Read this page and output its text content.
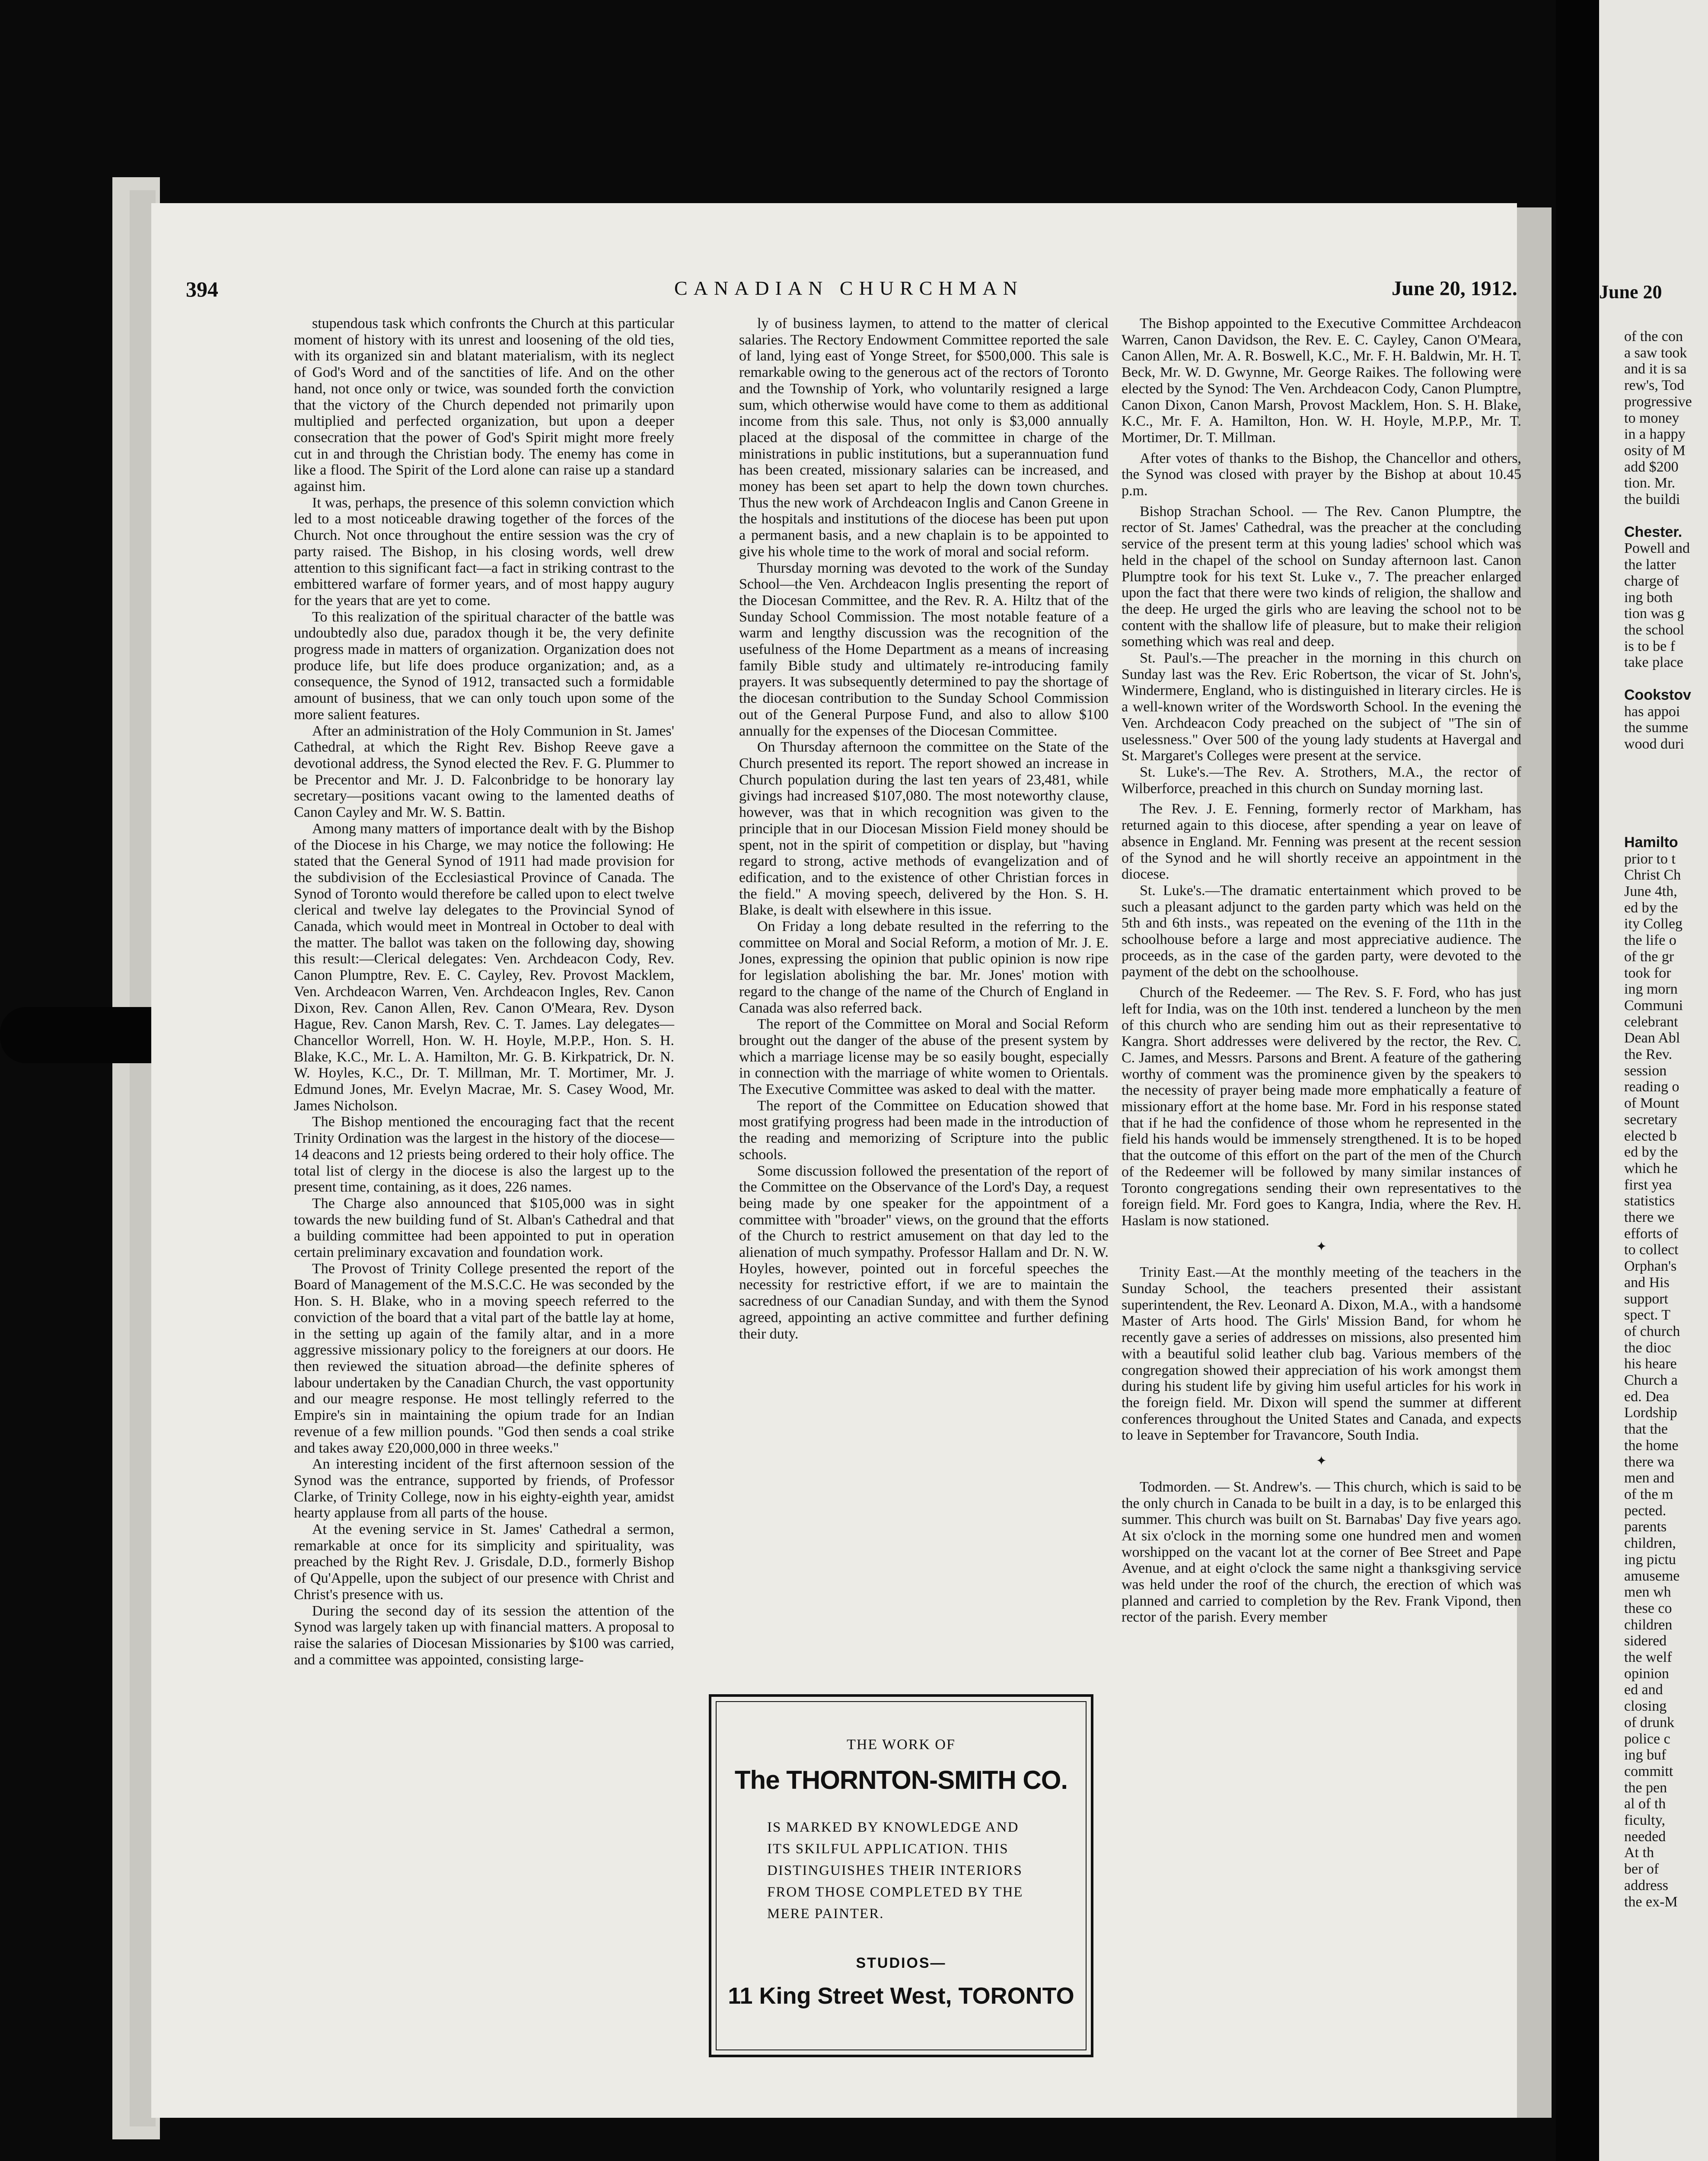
394	CANADIAN CHURCHMAN	June 20, 1912.	June 20

stupendous task which confronts the Church at this particular moment of history with its unrest and loosening of the old ties, with its organized sin and blatant materialism, with its neglect of God's Word and of the sanctities of life. And on the other hand, not once only or twice, was sounded forth the conviction that the victory of the Church depended not primarily upon multiplied and perfected organization, but upon a deeper consecration that the power of God's Spirit might more freely cut in and through the Christian body. The enemy has come in like a flood. The Spirit of the Lord alone can raise up a standard against him.

It was, perhaps, the presence of this solemn conviction which led to a most noticeable drawing together of the forces of the Church. Not once throughout the entire session was the cry of party raised. The Bishop, in his closing words, well drew attention to this significant fact—a fact in striking contrast to the embittered warfare of former years, and of most happy augury for the years that are yet to come.

To this realization of the spiritual character of the battle was undoubtedly also due, paradox though it be, the very definite progress made in matters of organization. Organization does not produce life, but life does produce organization; and, as a consequence, the Synod of 1912, transacted such a formidable amount of business, that we can only touch upon some of the more salient features.

After an administration of the Holy Communion in St. James' Cathedral, at which the Right Rev. Bishop Reeve gave a devotional address, the Synod elected the Rev. F. G. Plummer to be Precentor and Mr. J. D. Falconbridge to be honorary lay secretary—positions vacant owing to the lamented deaths of Canon Cayley and Mr. W. S. Battin.

Among many matters of importance dealt with by the Bishop of the Diocese in his Charge, we may notice the following: He stated that the General Synod of 1911 had made provision for the subdivision of the Ecclesiastical Province of Canada. The Synod of Toronto would therefore be called upon to elect twelve clerical and twelve lay delegates to the Provincial Synod of Canada, which would meet in Montreal in October to deal with the matter. The ballot was taken on the following day, showing this result:—Clerical delegates: Ven. Archdeacon Cody, Rev. Canon Plumptre, Rev. E. C. Cayley, Rev. Provost Macklem, Ven. Archdeacon Warren, Ven. Archdeacon Ingles, Rev. Canon Dixon, Rev. Canon Allen, Rev. Canon O'Meara, Rev. Dyson Hague, Rev. Canon Marsh, Rev. C. T. James. Lay delegates—Chancellor Worrell, Hon. W. H. Hoyle, M.P.P., Hon. S. H. Blake, K.C., Mr. L. A. Hamilton, Mr. G. B. Kirkpatrick, Dr. N. W. Hoyles, K.C., Dr. T. Millman, Mr. T. Mortimer, Mr. J. Edmund Jones, Mr. Evelyn Macrae, Mr. S. Casey Wood, Mr. James Nicholson.

The Bishop mentioned the encouraging fact that the recent Trinity Ordination was the largest in the history of the diocese—14 deacons and 12 priests being ordered to their holy office. The total list of clergy in the diocese is also the largest up to the present time, containing, as it does, 226 names.

The Charge also announced that $105,000 was in sight towards the new building fund of St. Alban's Cathedral and that a building committee had been appointed to put in operation certain preliminary excavation and foundation work.

The Provost of Trinity College presented the report of the Board of Management of the M.S.C.C. He was seconded by the Hon. S. H. Blake, who in a moving speech referred to the conviction of the board that a vital part of the battle lay at home, in the setting up again of the family altar, and in a more aggressive missionary policy to the foreigners at our doors. He then reviewed the situation abroad—the definite spheres of labour undertaken by the Canadian Church, the vast opportunity and our meagre response. He most tellingly referred to the Empire's sin in maintaining the opium trade for an Indian revenue of a few million pounds. "God then sends a coal strike and takes away £20,000,000 in three weeks."

An interesting incident of the first afternoon session of the Synod was the entrance, supported by friends, of Professor Clarke, of Trinity College, now in his eighty-eighth year, amidst hearty applause from all parts of the house.

At the evening service in St. James' Cathedral a sermon, remarkable at once for its simplicity and spirituality, was preached by the Right Rev. J. Grisdale, D.D., formerly Bishop of Qu'Appelle, upon the subject of our presence with Christ and Christ's presence with us.

During the second day of its session the attention of the Synod was largely taken up with financial matters. A proposal to raise the salaries of Diocesan Missionaries by $100 was carried, and a committee was appointed, consisting large-

ly of business laymen, to attend to the matter of clerical salaries. The Rectory Endowment Committee reported the sale of land, lying east of Yonge Street, for $500,000. This sale is remarkable owing to the generous act of the rectors of Toronto and the Township of York, who voluntarily resigned a large sum, which otherwise would have come to them as additional income from this sale. Thus, not only is $3,000 annually placed at the disposal of the committee in charge of the ministrations in public institutions, but a superannuation fund has been created, missionary salaries can be increased, and money has been set apart to help the down town churches. Thus the new work of Archdeacon Inglis and Canon Greene in the hospitals and institutions of the diocese has been put upon a permanent basis, and a new chaplain is to be appointed to give his whole time to the work of moral and social reform.

Thursday morning was devoted to the work of the Sunday School—the Ven. Archdeacon Inglis presenting the report of the Diocesan Committee, and the Rev. R. A. Hiltz that of the Sunday School Commission. The most notable feature of a warm and lengthy discussion was the recognition of the usefulness of the Home Department as a means of increasing family Bible study and ultimately re-introducing family prayers. It was subsequently determined to pay the shortage of the diocesan contribution to the Sunday School Commission out of the General Purpose Fund, and also to allow $100 annually for the expenses of the Diocesan Committee.

On Thursday afternoon the committee on the State of the Church presented its report. The report showed an increase in Church population during the last ten years of 23,481, while givings had increased $107,080. The most noteworthy clause, however, was that in which recognition was given to the principle that in our Diocesan Mission Field money should be spent, not in the spirit of competition or display, but "having regard to strong, active methods of evangelization and of edification, and to the existence of other Christian forces in the field." A moving speech, delivered by the Hon. S. H. Blake, is dealt with elsewhere in this issue.

On Friday a long debate resulted in the referring to the committee on Moral and Social Reform, a motion of Mr. J. E. Jones, expressing the opinion that public opinion is now ripe for legislation abolishing the bar. Mr. Jones' motion with regard to the change of the name of the Church of England in Canada was also referred back.

The report of the Committee on Moral and Social Reform brought out the danger of the abuse of the present system by which a marriage license may be so easily bought, especially in connection with the marriage of white women to Orientals. The Executive Committee was asked to deal with the matter.

The report of the Committee on Education showed that most gratifying progress had been made in the introduction of the reading and memorizing of Scripture into the public schools.

Some discussion followed the presentation of the report of the Committee on the Observance of the Lord's Day, a request being made by one speaker for the appointment of a committee with "broader" views, on the ground that the efforts of the Church to restrict amusement on that day led to the alienation of much sympathy. Professor Hallam and Dr. N. W. Hoyles, however, pointed out in forceful speeches the necessity for restrictive effort, if we are to maintain the sacredness of our Canadian Sunday, and with them the Synod agreed, appointing an active committee and further defining their duty.

THE WORK OF
The THORNTON-SMITH CO.
IS MARKED BY KNOWLEDGE AND ITS SKILFUL APPLICATION. THIS DISTINGUISHES THEIR INTERIORS FROM THOSE COMPLETED BY THE MERE PAINTER.
STUDIOS—
11 King Street West, TORONTO

The Bishop appointed to the Executive Committee Archdeacon Warren, Canon Davidson, the Rev. E. C. Cayley, Canon O'Meara, Canon Allen, Mr. A. R. Boswell, K.C., Mr. F. H. Baldwin, Mr. H. T. Beck, Mr. W. D. Gwynne, Mr. George Raikes. The following were elected by the Synod: The Ven. Archdeacon Cody, Canon Plumptre, Canon Dixon, Canon Marsh, Provost Macklem, Hon. S. H. Blake, K.C., Mr. F. A. Hamilton, Hon. W. H. Hoyle, M.P.P., Mr. T. Mortimer, Dr. T. Millman.

After votes of thanks to the Bishop, the Chancellor and others, the Synod was closed with prayer by the Bishop at about 10.45 p.m.

Bishop Strachan School. — The Rev. Canon Plumptre, the rector of St. James' Cathedral, was the preacher at the concluding service of the present term at this young ladies' school which was held in the chapel of the school on Sunday afternoon last. Canon Plumptre took for his text St. Luke v., 7. The preacher enlarged upon the fact that there were two kinds of religion, the shallow and the deep. He urged the girls who are leaving the school not to be content with the shallow life of pleasure, but to make their religion something which was real and deep.

St. Paul's.—The preacher in the morning in this church on Sunday last was the Rev. Eric Robertson, the vicar of St. John's, Windermere, England, who is distinguished in literary circles. He is a well-known writer of the Wordsworth School. In the evening the Ven. Archdeacon Cody preached on the subject of "The sin of uselessness." Over 500 of the young lady students at Havergal and St. Margaret's Colleges were present at the service.

St. Luke's.—The Rev. A. Strothers, M.A., the rector of Wilberforce, preached in this church on Sunday morning last.

The Rev. J. E. Fenning, formerly rector of Markham, has returned again to this diocese, after spending a year on leave of absence in England. Mr. Fenning was present at the recent session of the Synod and he will shortly receive an appointment in the diocese.

St. Luke's.—The dramatic entertainment which proved to be such a pleasant adjunct to the garden party which was held on the 5th and 6th insts., was repeated on the evening of the 11th in the schoolhouse before a large and most appreciative audience. The proceeds, as in the case of the garden party, were devoted to the payment of the debt on the schoolhouse.

Church of the Redeemer. — The Rev. S. F. Ford, who has just left for India, was on the 10th inst. tendered a luncheon by the men of this church who are sending him out as their representative to Kangra. Short addresses were delivered by the rector, the Rev. C. C. James, and Messrs. Parsons and Brent. A feature of the gathering worthy of comment was the prominence given by the speakers to the necessity of prayer being made more emphatically a feature of missionary effort at the home base. Mr. Ford in his response stated that if he had the confidence of those whom he represented in the field his hands would be immensely strengthened. It is to be hoped that the outcome of this effort on the part of the men of the Church of the Redeemer will be followed by many similar instances of Toronto congregations sending their own representatives to the foreign field. Mr. Ford goes to Kangra, India, where the Rev. H. Haslam is now stationed.

✦

Trinity East.—At the monthly meeting of the teachers in the Sunday School, the teachers presented their assistant superintendent, the Rev. Leonard A. Dixon, M.A., with a handsome Master of Arts hood. The Girls' Mission Band, for whom he recently gave a series of addresses on missions, also presented him with a beautiful solid leather club bag. Various members of the congregation showed their appreciation of his work amongst them during his student life by giving him useful articles for his work in the foreign field. Mr. Dixon will spend the summer at different conferences throughout the United States and Canada, and expects to leave in September for Travancore, South India.

✦

Todmorden. — St. Andrew's. — This church, which is said to be the only church in Canada to be built in a day, is to be enlarged this summer. This church was built on St. Barnabas' Day five years ago. At six o'clock in the morning some one hundred men and women worshipped on the vacant lot at the corner of Bee Street and Pape Avenue, and at eight o'clock the same night a thanksgiving service was held under the roof of the church, the erection of which was planned and carried to completion by the Rev. Frank Vipond, then rector of the parish. Every member

of the con
a saw took
and it is sa
rew's, Tod
progressive
to money
in a happy
osity of M
add $200
tion. Mr.
the buildi
Chester.
Powell and
the latter
charge of
ing both
tion was g
the school
is to be f
take place
Cookstov
has appoi
the summe
wood duri
Hamilto
prior to t
Christ Ch
June 4th,
ed by the
ity Colleg
the life o
of the gr
took for
ing morn
Communi
celebrant
Dean Abl
the Rev.
session
reading o
of Mount
secretary
elected b
ed by the
which he
first yea
statistics
there we
efforts of
to collect
Orphan's
and His
support
spect. T
of church
the dioc
his heare
Church a
ed. Dea
Lordship
that the
the home
there wa
men and
of the m
pected.
parents
children,
ing pictu
amuseme
men wh
these co
children
sidered
the welf
opinion
ed and
closing
of drunk
police c
ing buf
committ
the pen
al of th
ficulty,
needed
At th
ber of
address
the ex-M
